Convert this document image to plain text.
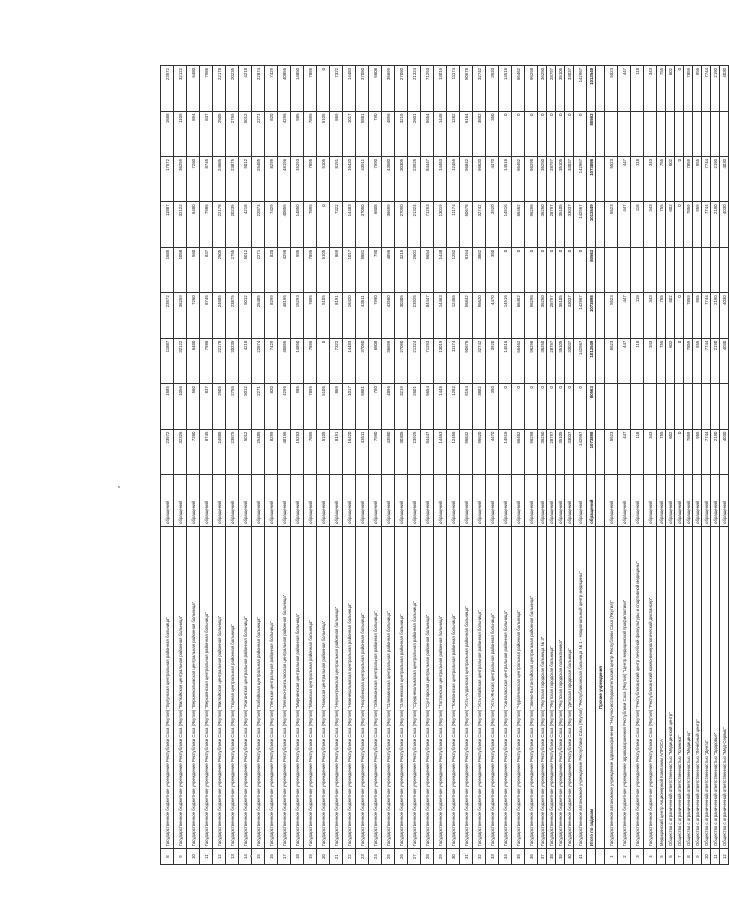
8	Государственное бюджетное учреждение Республики Саха (Якутия) "Булунская центральная районная больница"	обращений	23572	1685	11887	23572	1685	11887	17572	1688	23572
9	Государственное бюджетное учреждение Республики Саха (Якутия) "Вилюйская центральная районная больница"	обращений	32326	1056	32122	36259	1058	32122	36259	1105	32122
10	Государственное бюджетное учреждение Республики Саха (Якутия) "Верхнеколымская центральная районная больница"	обращений	7260	560	6480	7260	560	6480	7260	894	6480
11	Государственное бюджетное учреждение Республики Саха (Якутия) "Верхоянская центральная районная больница"	обращений	8745	837	7986	8745	837	7986	8745	837	7986
12	Государственное бюджетное учреждение Республики Саха (Якутия) "Вилюйская центральная районная больница"	обращений	24685	2505	22178	24685	2505	22178	24685	2505	22178
13	Государственное бюджетное учреждение Республики Саха (Якутия) "Горная центральная районная больница"	обращений	23875	2755	20235	23875	2755	20235	23875	2755	20235
14	Государственное бюджетное учреждение Республики Саха (Якутия) "Жиганская центральная районная больница"	обращений	5012	5012	4218	5012	5012	4218	5012	5012	4218
15	Государственное бюджетное учреждение Республики Саха (Якутия) "Кобяйская центральная районная больница"	обращений	25485	2271	22874	25485	2271	22874	25485	2271	22874
16	Государственное бюджетное учреждение Республики Саха (Якутия) "Ленская центральная районная больница"	обращений	8299	820	7429	8299	820	7429	8299	820	7429
17	Государственное бюджетное учреждение Республики Саха (Якутия) "Мегино-Кангаласская центральная районная больница"	обращений	48196	4296	40855	48196	4296	40855	48196	4296	40855
18	Государственное бюджетное учреждение Республики Саха (Якутия) "Мирнинская центральная районная больница"	обращений	15293	985	14850	15293	985	14850	15293	985	14850
19	Государственное бюджетное учреждение Республики Саха (Якутия) "Момская центральная районная больница"	обращений	7895	7895	7895	7895	7895	7895	7895	7895	7895
20	Государственное бюджетное учреждение Республики Саха (Якутия) "Намская центральная районная больница"	обращений	5105	5105	0	5105	5105	0	5105	5105	0
21	Государственное бюджетное учреждение Республики Саха (Якутия) "Нерюнгринская центральная районная больница"	обращений	8191	869	7322	8191	869	7322	8191	869	7322
22	Государственное бюджетное учреждение Республики Саха (Якутия) "Нижнеколымская центральная районная больница"	обращений	16420	1017	14483	16420	1017	14483	16420	1017	14483
23	Государственное бюджетное учреждение Республики Саха (Якутия) "Нюрбинская центральная районная больница"	обращений	43511	5881	37050	43511	5881	37050	43511	5881	37050
24	Государственное бюджетное учреждение Республики Саха (Якутия) "Оймяконская центральная районная больница"	обращений	7990	790	6608	7990	790	6608	7990	790	6608
25	Государственное бюджетное учреждение Республики Саха (Якутия) "Олекминская центральная районная больница"	обращений	43580	4896	36699	43580	4896	36699	43580	4896	36699
26	Государственное бюджетное учреждение Республики Саха (Якутия) "Оленекская центральная районная больница"	обращений	30305	3219	27090	30305	3219	27090	30305	3219	27090
27	Государственное бюджетное учреждение Республики Саха (Якутия) "Среднеколымская центральная районная больница"	обращений	23925	2601	21324	23925	2601	21324	23925	2601	21324
28	Государственное бюджетное учреждение Республики Саха (Якутия) "Сунтарская центральная районная больница"	обращений	84447	5654	71293	84447	5654	71293	84447	5654	71293
29	Государственное бюджетное учреждение Республики Саха (Якутия) "Таттинская центральная районная больница"	обращений	14463	1448	13019	14463	1448	13019	14463	1448	13019
30	Государственное бюджетное учреждение Республики Саха (Якутия) "Томпонская центральная районная больница"	обращений	12456	1282	11174	12456	1282	11174	12456	1282	11174
31	Государственное бюджетное учреждение Республики Саха (Якутия) "Усть-Алданская центральная районная больница"	обращений	56842	6164	50678	56842	6164	50678	56842	6164	50678
32	Государственное бюджетное учреждение Республики Саха (Якутия) "Усть-Майская центральная районная больница"	обращений	96620	3882	32742	96620	3882	32742	96620	3882	32742
33	Государственное бюджетное учреждение Республики Саха (Якутия) "Усть-Янская центральная районная больница"	обращений	4470	350	3920	4470	350	3920	4470	350	3920
34	Государственное бюджетное учреждение Республики Саха (Якутия) "Хангаласская центральная районная больница"	обращений	14516	0	14516	14516	0	14516	14516	0	14516
35	Государственное бюджетное учреждение Республики Саха (Якутия) "Чурапчинская центральная районная больница"	обращений	66462	0	66462	66462	0	66462	66462	0	66462
36	Государственное бюджетное учреждение Республики Саха (Якутия) "Эвено-Бытантайская центральная районная больница"	обращений	96298	0	96298	96298	0	96298	96298	0	96298
37	Государственное бюджетное учреждение Республики Саха (Якутия) "Якутская городская больница № 3"	обращений	36250	0	36250	36250	0	36250	36250	0	36250
38	Государственное бюджетное учреждение Республики Саха (Якутия) "Якутская городская больница"	обращений	28797	0	28797	28797	0	28797	28797	0	28797
39	Государственное бюджетное учреждение Республики Саха (Якутия) "Якутская городская поликлиника"	обращений	35105	0	35105	35105	0	35105	35105	0	35105
40	Государственное бюджетное учреждение Республики Саха (Якутия) "Детская городская больница"	обращений	33037	0	33037	33037	0	33037	33037	0	33037
41	Государственное автономное учреждение Республики Саха (Якутия) "Республиканская больница № 1 - Национальный центр медицины"	обращений	142967	0	142967	142967	0	142967	142967	0	142967
	Итого по задачам	обращений	1073898	80563	1013549	1073898	80563	1013549	1073898	80563	1013549
	Прочие учреждения										
1	Государственное автономное учреждение здравоохранения "Научно-исследовательский центр Республики Саха (Якутия)"	обращений	5523		5523	5523		5523	5523		5523
2	Государственное бюджетное учреждение здравоохранения Республики Саха (Якутия) "Центр медицинской профилактики"	обращений	447		447	447		447	447		447
3	Государственное бюджетное учреждение Республики Саха (Якутия) "Республиканский центр лечебной физкультуры и спортивной медицины"	обращений	118		118	118		118	118		118
4	Государственное бюджетное учреждение Республики Саха (Якутия) "Республиканский кожно-венерологический диспансер"	обращений	343		343	343		343	343		343
5	Медицинский центр Акционерной Компании АЛРОСА	обращений	755		755	755		755	755		755
6	Общество с ограниченной ответственностью "Медицинский центр"	обращений	602		602	602		602	602		602
7	Общество с ограниченной ответственностью "Клиника"	обращений	0		0	0		0	0		0
8	Общество с ограниченной ответственностью "Медицина"	обращений	7859		7859	7859		7859	7859		7859
9	Общество с ограниченной ответственностью "Лечебный центр"	обращений	955		955	955		955	955		955
10	Общество с ограниченной ответственностью "Дента"	обращений	7744		7744	7744		7744	7744		7744
11	Общество с ограниченной ответственностью "Здоровье"	обращений	2190		2190	2190		2190	2190		2190
12	Общество с ограниченной ответственностью "Мед-Сервис"	обращений	4030		4030	4030		4030	4030		4030
